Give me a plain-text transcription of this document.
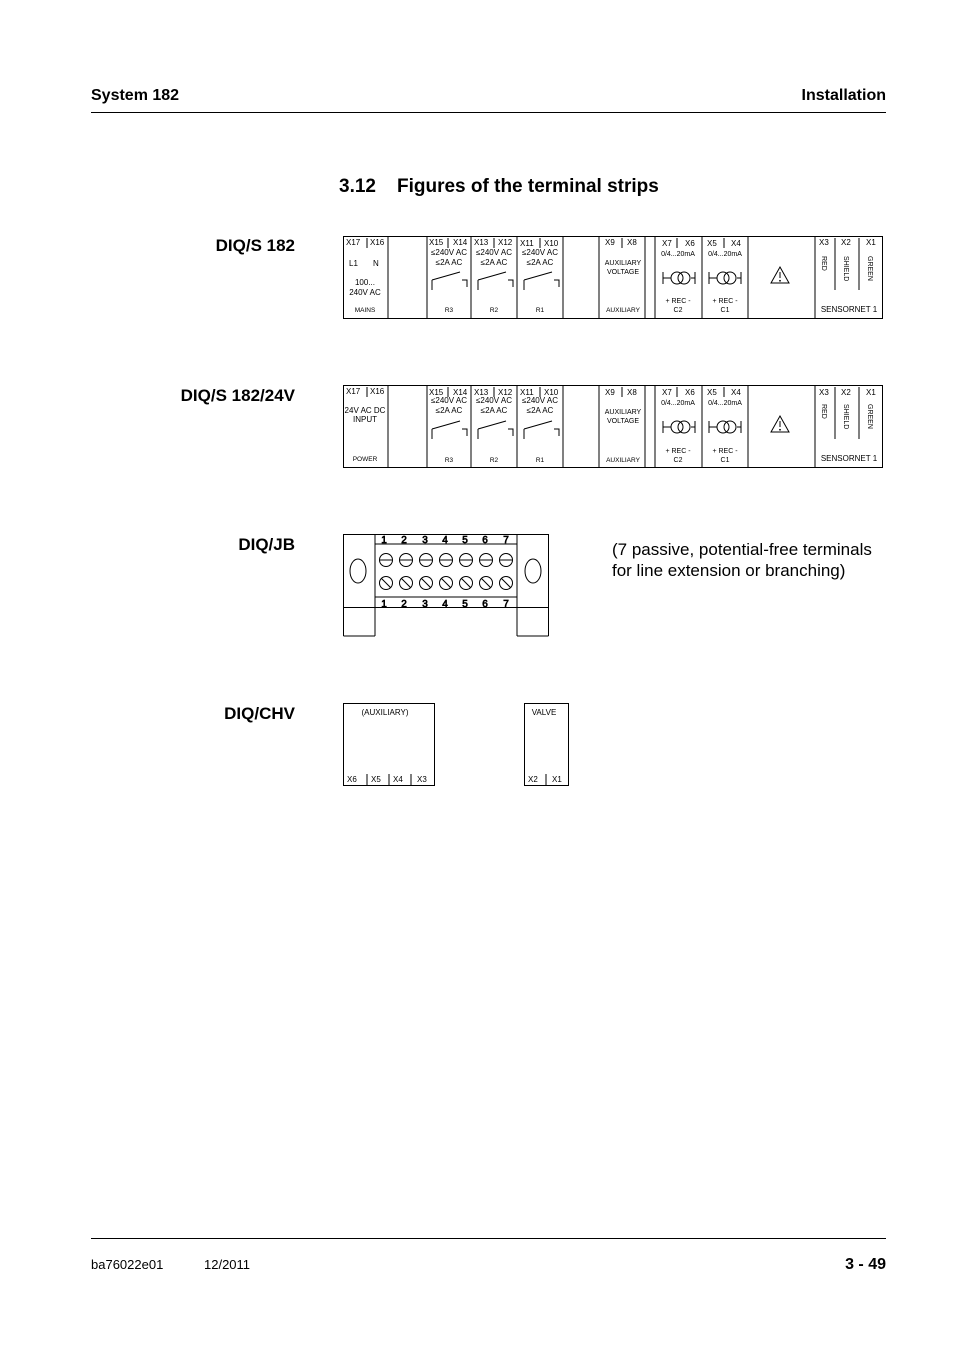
System 182	Installation
3.12 Figures of the terminal strips
DIQ/S 182
DIQ/S 182/24V
DIQ/JB
DIQ/CHV
X17 X16
L1 N
100...
240V AC
MAINS
X15 X14
≤240V AC
≤2A AC
R3
X13 X12
≤240V AC
≤2A AC
R2
X11 X10
≤240V AC
≤2A AC
R1
X9 X8
AUXILIARY
VOLTAGE
AUXILIARY
X7 X6
0/4...20mA
+ REC -
C2
X5 X4
0/4...20mA
+ REC -
C1
X3 X2 X1
RED SHIELD GREEN
SENSORNET 1
X17 X16
24V AC DC
INPUT
POWER
X15 X14
≤240V AC
≤2A AC
R3
X13 X12
≤240V AC
≤2A AC
R2
X11 X10
≤240V AC
≤2A AC
R1
X9 X8
AUXILIARY
VOLTAGE
AUXILIARY
X7 X6
0/4...20mA
+ REC -
C2
X5 X4
0/4...20mA
+ REC -
C1
X3 X2 X1
RED SHIELD GREEN
SENSORNET 1
1 2 3 4 5 6 7
1 2 3 4 5 6 7
(7 passive, potential-free terminals
for line extension or branching)
(AUXILIARY)
X6 X5 X4 X3
VALVE
X2 X1
ba76022e01	12/2011	3 - 49
